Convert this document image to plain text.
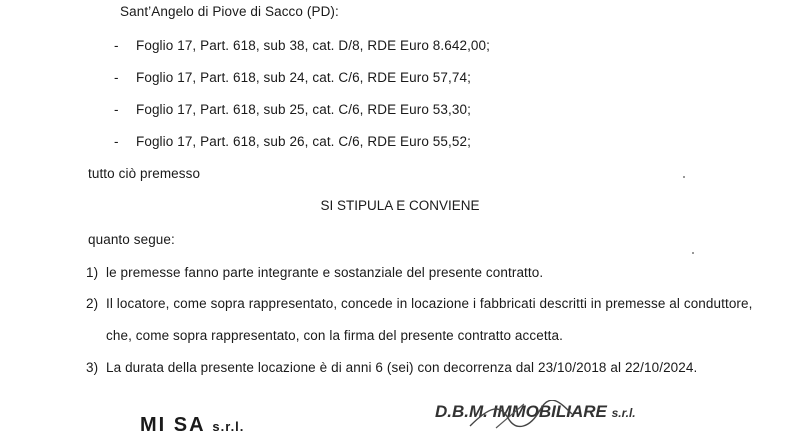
Sant’Angelo di Piove di Sacco (PD):
- Foglio 17, Part. 618, sub 38, cat. D/8, RDE Euro 8.642,00;
- Foglio 17, Part. 618, sub 24, cat. C/6, RDE Euro 57,74;
- Foglio 17, Part. 618, sub 25, cat. C/6, RDE Euro 53,30;
- Foglio 17, Part. 618, sub 26, cat. C/6, RDE Euro 55,52;
tutto ciò premesso
SI STIPULA E CONVIENE
quanto segue:
1) le premesse fanno parte integrante e sostanziale del presente contratto.
2) Il locatore, come sopra rappresentato, concede in locazione i fabbricati descritti in premesse al conduttore,
che, come sopra rappresentato, con la firma del presente contratto accetta.
3) La durata della presente locazione è di anni 6 (sei) con decorrenza dal 23/10/2018 al 22/10/2024.
MI SA s.r.l.
D.B.M. IMMOBILIARE s.r.l.
